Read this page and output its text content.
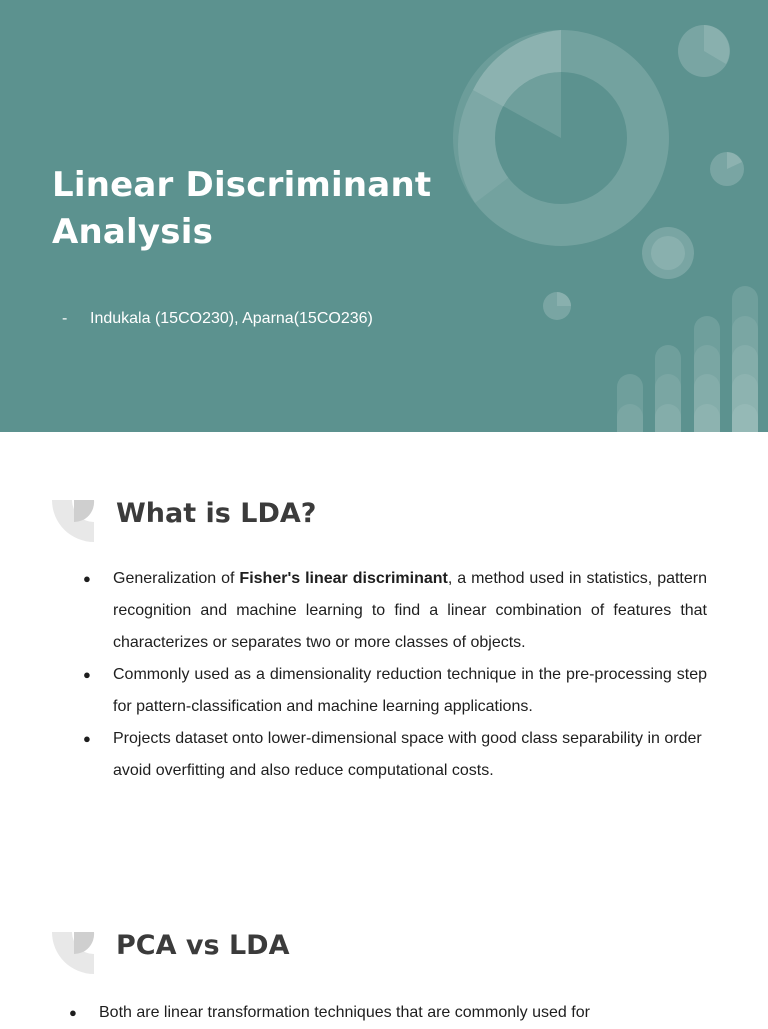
Linear Discriminant
Analysis
- Indukala (15CO230), Aparna(15CO236)
What is LDA?
● Generalization of Fisher's linear discriminant, a method used in statistics, pattern recognition and machine learning to find a linear combination of features that characterizes or separates two or more classes of objects.
● Commonly used as a dimensionality reduction technique in the pre-processing step for pattern-classification and machine learning applications.
● Projects dataset onto lower-dimensional space with good class separability in order avoid overfitting and also reduce computational costs.
PCA vs LDA
● Both are linear transformation techniques that are commonly used for
